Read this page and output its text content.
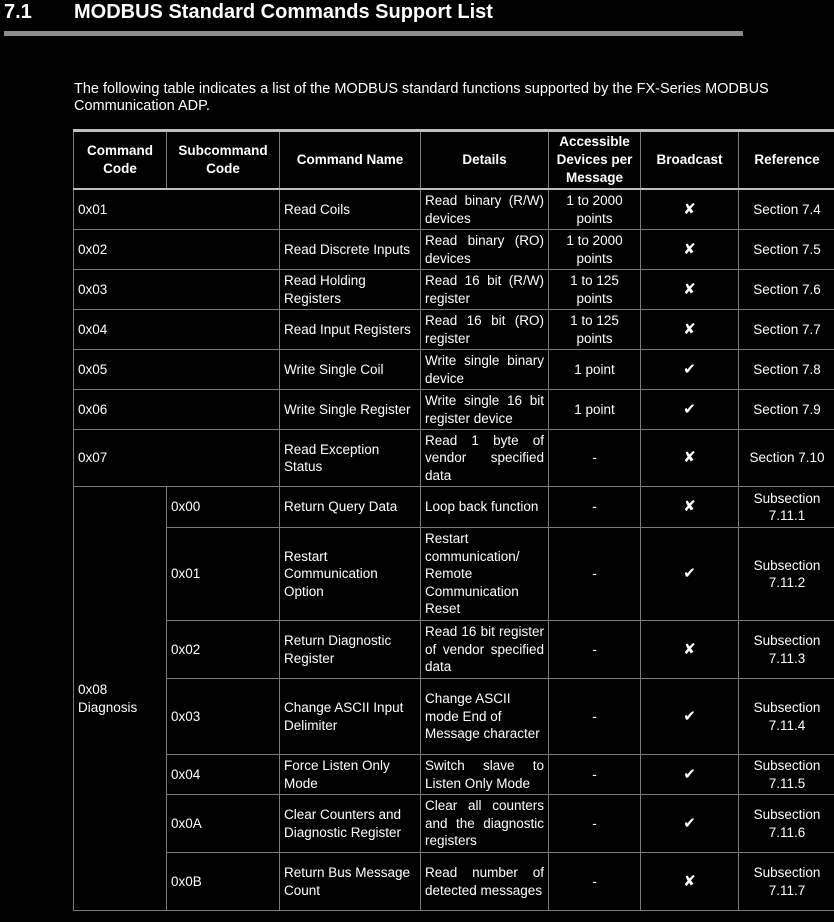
7.1 MODBUS Standard Commands Support List

The following table indicates a list of the MODBUS standard functions supported by the FX-Series MODBUS Communication ADP.

Command Code	Subcommand Code	Command Name	Details	Accessible Devices per Message	Broadcast	Reference
0x01		Read Coils	Read binary (R/W) devices	1 to 2000 points	✘	Section 7.4
0x02		Read Discrete Inputs	Read binary (RO) devices	1 to 2000 points	✘	Section 7.5
0x03		Read Holding Registers	Read 16 bit (R/W) register	1 to 125 points	✘	Section 7.6
0x04		Read Input Registers	Read 16 bit (RO) register	1 to 125 points	✘	Section 7.7
0x05		Write Single Coil	Write single binary device	1 point	✔	Section 7.8
0x06		Write Single Register	Write single 16 bit register device	1 point	✔	Section 7.9
0x07		Read Exception Status	Read 1 byte of vendor specified data	-	✘	Section 7.10
0x08 Diagnosis	0x00	Return Query Data	Loop back function	-	✘	Subsection 7.11.1
	0x01	Restart Communication Option	Restart communication/ Remote Communication Reset	-	✔	Subsection 7.11.2
	0x02	Return Diagnostic Register	Read 16 bit register of vendor specified data	-	✘	Subsection 7.11.3
	0x03	Change ASCII Input Delimiter	Change ASCII mode End of Message character	-	✔	Subsection 7.11.4
	0x04	Force Listen Only Mode	Switch slave to Listen Only Mode	-	✔	Subsection 7.11.5
	0x0A	Clear Counters and Diagnostic Register	Clear all counters and the diagnostic registers	-	✔	Subsection 7.11.6
	0x0B	Return Bus Message Count	Read number of detected messages	-	✘	Subsection 7.11.7
